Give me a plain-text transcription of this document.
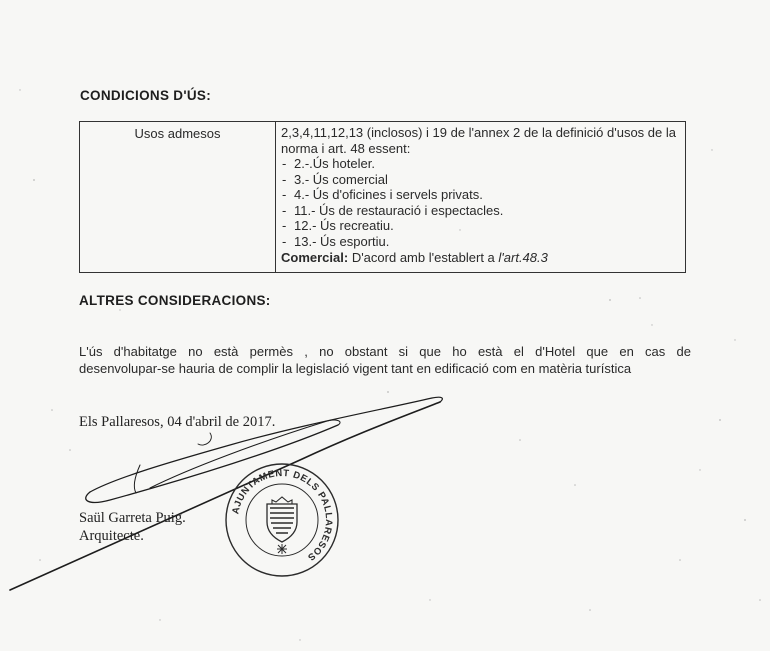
CONDICIONS D'ÚS:
Usos admesos	2,3,4,11,12,13 (inclosos) i 19 de l'annex 2 de la definició d'usos de la norma i art. 48 essent:

- 2.-.Ús hoteler.
- 3.- Ús comercial
- 4.- Ús d'oficines i servels privats.
- 11.- Ús de restauració i espectacles.
- 12.- Ús recreatiu.
- 13.- Ús esportiu.
Comercial: D'acord amb l'establert a l'art.48.3
ALTRES CONSIDERACIONS:

L'ús d'habitatge no està permès , no obstant si que ho està el d'Hotel que en cas de

desenvolupar-se hauria de complir la legislació vigent tant en edificació com en matèria turística

Els Pallaresos, 04 d'abril de 2017.
Saül Garreta Puig.
Arquitecte.
AJUNTAMENT DELS PALLARESOS
